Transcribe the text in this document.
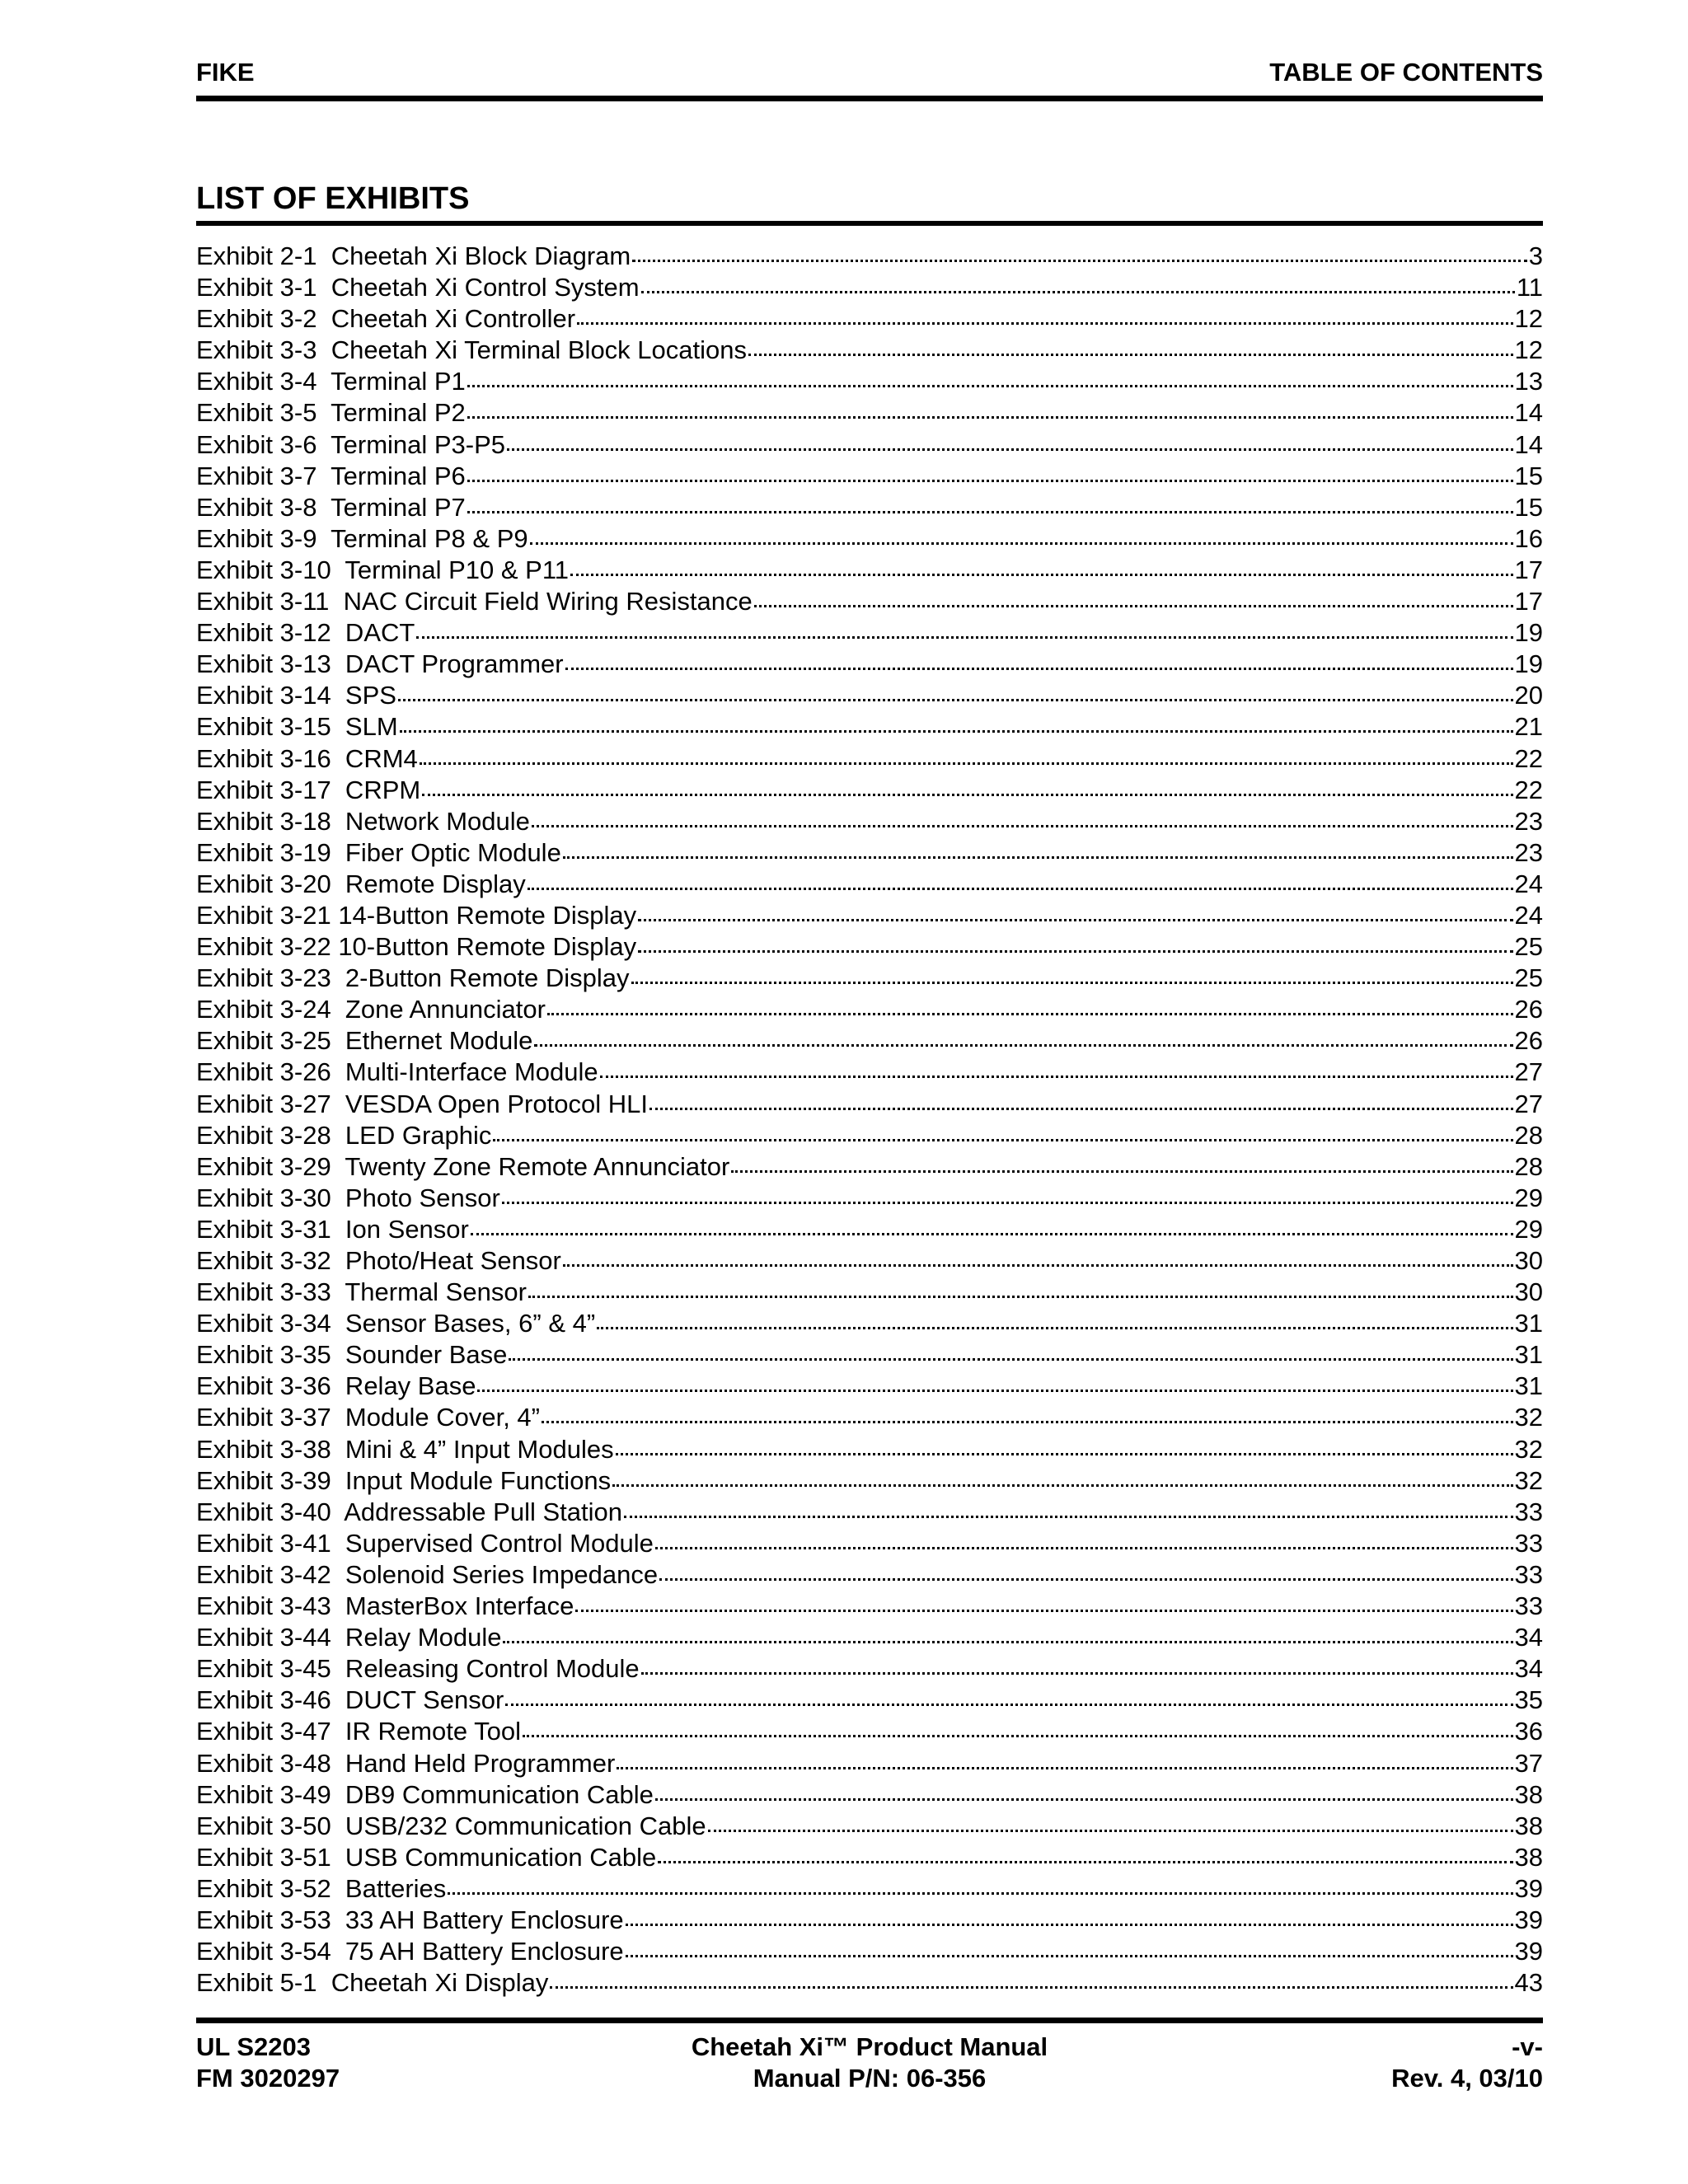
FIKE	TABLE OF CONTENTS
LIST OF EXHIBITS
Exhibit 2-1  Cheetah Xi Block Diagram	3
Exhibit 3-1  Cheetah Xi Control System	11
Exhibit 3-2  Cheetah Xi Controller	12
Exhibit 3-3  Cheetah Xi Terminal Block Locations	12
Exhibit 3-4  Terminal P1	13
Exhibit 3-5  Terminal P2	14
Exhibit 3-6  Terminal P3-P5	14
Exhibit 3-7  Terminal P6	15
Exhibit 3-8  Terminal P7	15
Exhibit 3-9  Terminal P8 & P9	16
Exhibit 3-10  Terminal P10 & P11	17
Exhibit 3-11  NAC Circuit Field Wiring Resistance	17
Exhibit 3-12  DACT	19
Exhibit 3-13  DACT Programmer	19
Exhibit 3-14  SPS	20
Exhibit 3-15  SLM	21
Exhibit 3-16  CRM4	22
Exhibit 3-17  CRPM	22
Exhibit 3-18  Network Module	23
Exhibit 3-19  Fiber Optic Module	23
Exhibit 3-20  Remote Display	24
Exhibit 3-21 14-Button Remote Display	24
Exhibit 3-22 10-Button Remote Display	25
Exhibit 3-23  2-Button Remote Display	25
Exhibit 3-24  Zone Annunciator	26
Exhibit 3-25  Ethernet Module	26
Exhibit 3-26  Multi-Interface Module	27
Exhibit 3-27  VESDA Open Protocol HLI	27
Exhibit 3-28  LED Graphic	28
Exhibit 3-29  Twenty Zone Remote Annunciator	28
Exhibit 3-30  Photo Sensor	29
Exhibit 3-31  Ion Sensor	29
Exhibit 3-32  Photo/Heat Sensor	30
Exhibit 3-33  Thermal Sensor	30
Exhibit 3-34  Sensor Bases, 6” & 4”	31
Exhibit 3-35  Sounder Base	31
Exhibit 3-36  Relay Base	31
Exhibit 3-37  Module Cover, 4”	32
Exhibit 3-38  Mini & 4” Input Modules	32
Exhibit 3-39  Input Module Functions	32
Exhibit 3-40  Addressable Pull Station	33
Exhibit 3-41  Supervised Control Module	33
Exhibit 3-42  Solenoid Series Impedance	33
Exhibit 3-43  MasterBox Interface	33
Exhibit 3-44  Relay Module	34
Exhibit 3-45  Releasing Control Module	34
Exhibit 3-46  DUCT Sensor	35
Exhibit 3-47  IR Remote Tool	36
Exhibit 3-48  Hand Held Programmer	37
Exhibit 3-49  DB9 Communication Cable	38
Exhibit 3-50  USB/232 Communication Cable	38
Exhibit 3-51  USB Communication Cable	38
Exhibit 3-52  Batteries	39
Exhibit 3-53  33 AH Battery Enclosure	39
Exhibit 3-54  75 AH Battery Enclosure	39
Exhibit 5-1  Cheetah Xi Display	43
UL S2203
FM 3020297
Cheetah Xi™ Product Manual
Manual P/N: 06-356
-v-
Rev. 4, 03/10
